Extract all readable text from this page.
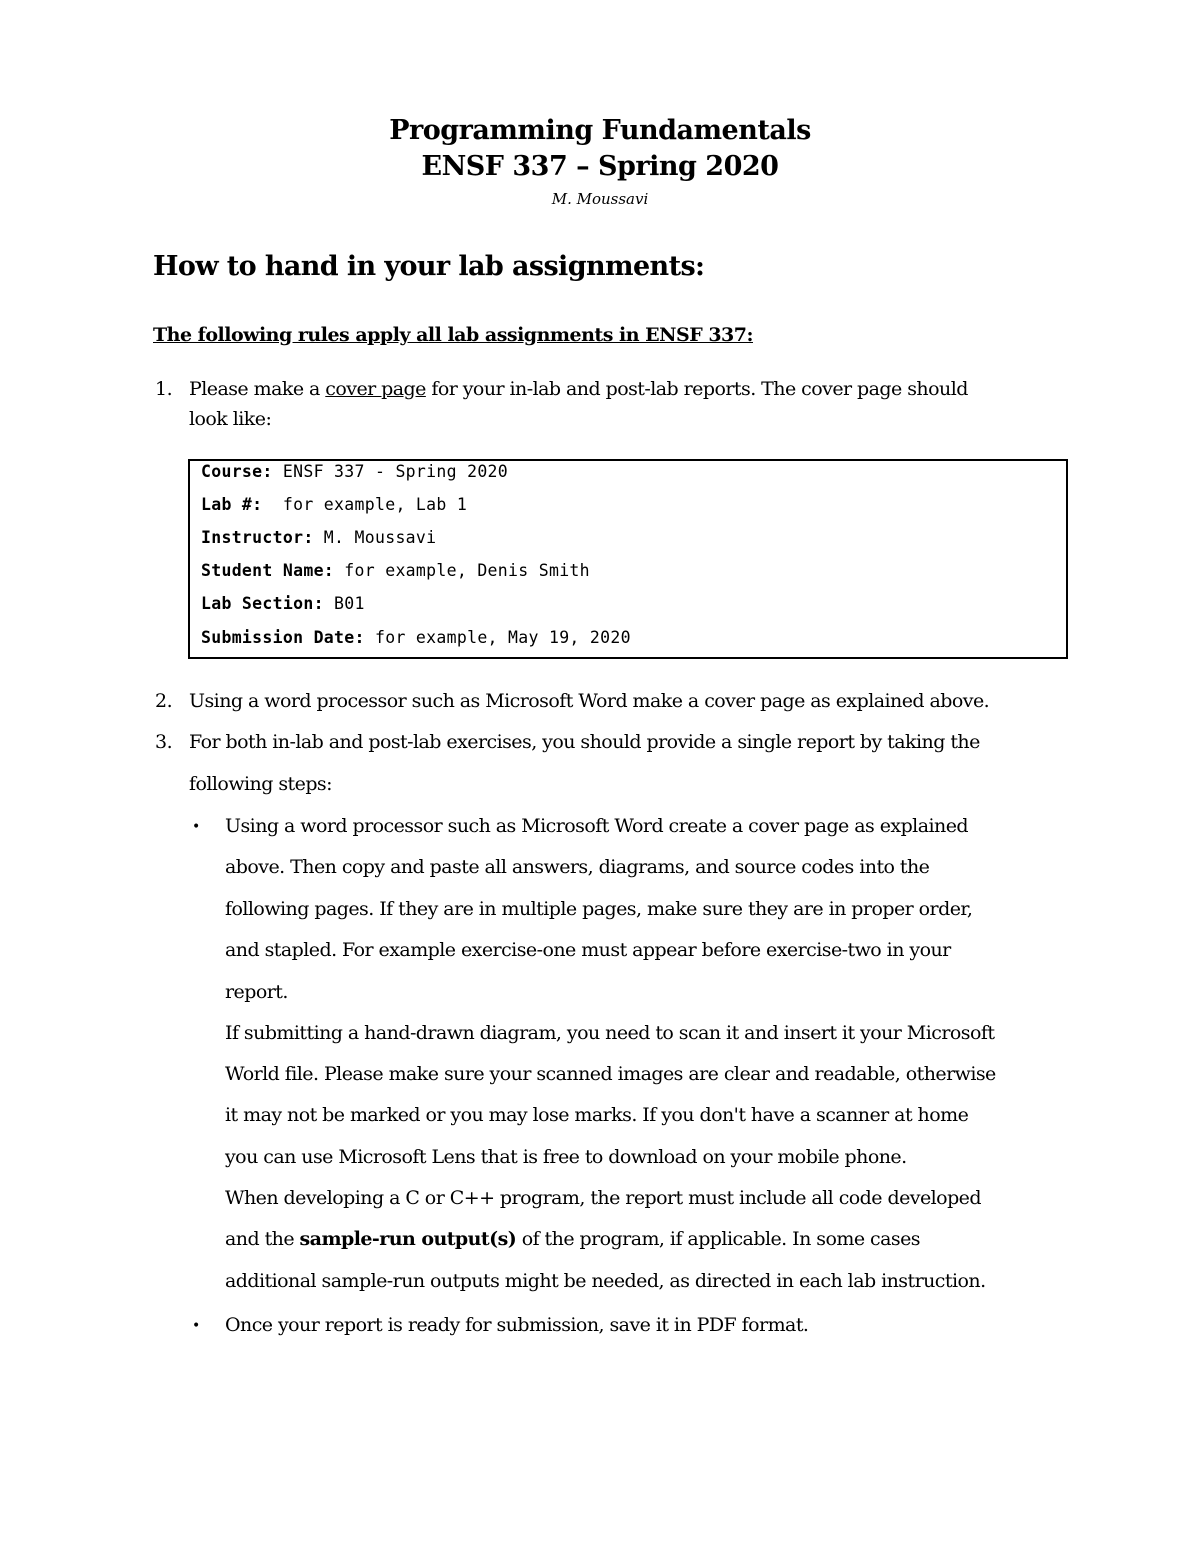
Programming Fundamentals
ENSF 337 – Spring 2020
M. Moussavi
How to hand in your lab assignments:
The following rules apply all lab assignments in ENSF 337:
1. Please make a cover page for your in-lab and post-lab reports. The cover page should
look like:
Course: ENSF 337 - Spring 2020
Lab #:  for example, Lab 1
Instructor: M. Moussavi
Student Name: for example, Denis Smith
Lab Section: B01
Submission Date: for example, May 19, 2020
2. Using a word processor such as Microsoft Word make a cover page as explained above.
3. For both in-lab and post-lab exercises, you should provide a single report by taking the
following steps:
• Using a word processor such as Microsoft Word create a cover page as explained
above. Then copy and paste all answers, diagrams, and source codes into the
following pages. If they are in multiple pages, make sure they are in proper order,
and stapled. For example exercise-one must appear before exercise-two in your
report.
If submitting a hand-drawn diagram, you need to scan it and insert it your Microsoft
World file. Please make sure your scanned images are clear and readable, otherwise
it may not be marked or you may lose marks. If you don't have a scanner at home
you can use Microsoft Lens that is free to download on your mobile phone.
When developing a C or C++ program, the report must include all code developed
and the sample-run output(s) of the program, if applicable. In some cases
additional sample-run outputs might be needed, as directed in each lab instruction.
• Once your report is ready for submission, save it in PDF format.
